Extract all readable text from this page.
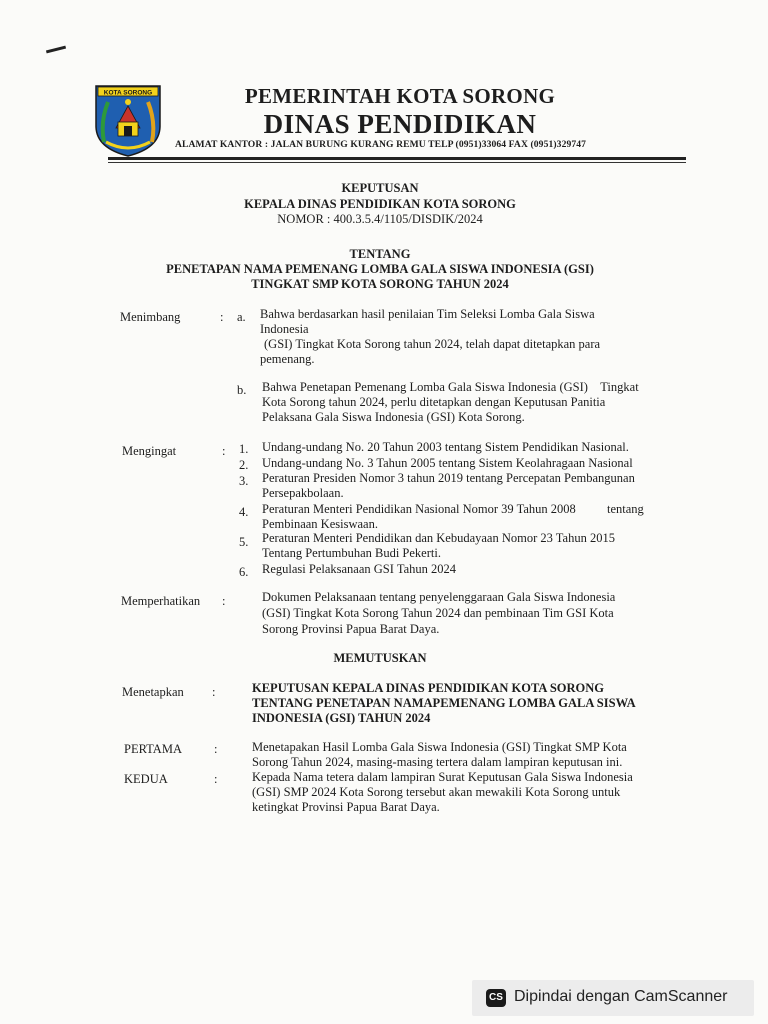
KOTA SORONG	PEMERINTAH KOTA SORONG
DINAS PENDIDIKAN
ALAMAT KANTOR : JALAN BURUNG KURANG REMU TELP (0951)33064 FAX (0951)329747
KEPUTUSAN
KEPALA DINAS PENDIDIKAN KOTA SORONG
NOMOR : 400.3.5.4/1105/DISDIK/2024
TENTANG
PENETAPAN NAMA PEMENANG LOMBA GALA SISWA INDONESIA (GSI)
TINGKAT SMP KOTA SORONG TAHUN 2024
Menimbang	: a. Bahwa berdasarkan hasil penilaian Tim Seleksi Lomba Gala Siswa
Indonesia
(GSI) Tingkat Kota Sorong tahun 2024, telah dapat ditetapkan para
pemenang.
b. Bahwa Penetapan Pemenang Lomba Gala Siswa Indonesia (GSI)    Tingkat
Kota Sorong tahun 2024, perlu ditetapkan dengan Keputusan Panitia
Pelaksana Gala Siswa Indonesia (GSI) Kota Sorong.
Mengingat	: 1. Undang-undang No. 20 Tahun 2003 tentang Sistem Pendidikan Nasional.
2. Undang-undang No. 3 Tahun 2005 tentang Sistem Keolahragaan Nasional
3. Peraturan Presiden Nomor 3 tahun 2019 tentang Percepatan Pembangunan
Persepakbolaan.
4. Peraturan Menteri Pendidikan Nasional Nomor 39 Tahun 2008          tentang
Pembinaan Kesiswaan.
5. Peraturan Menteri Pendidikan dan Kebudayaan Nomor 23 Tahun 2015
Tentang Pertumbuhan Budi Pekerti.
6. Regulasi Pelaksanaan GSI Tahun 2024
Memperhatikan :	Dokumen Pelaksanaan tentang penyelenggaraan Gala Siswa Indonesia
(GSI) Tingkat Kota Sorong Tahun 2024 dan pembinaan Tim GSI Kota
Sorong Provinsi Papua Barat Daya.
MEMUTUSKAN
Menetapkan :	KEPUTUSAN KEPALA DINAS PENDIDIKAN KOTA SORONG
TENTANG PENETAPAN NAMAPEMENANG LOMBA GALA SISWA
INDONESIA (GSI) TAHUN 2024
PERTAMA	:	Menetapakan Hasil Lomba Gala Siswa Indonesia (GSI) Tingkat SMP Kota
Sorong Tahun 2024, masing-masing tertera dalam lampiran keputusan ini.
KEDUA	:	Kepada Nama tetera dalam lampiran Surat Keputusan Gala Siswa Indonesia
(GSI) SMP 2024 Kota Sorong tersebut akan mewakili Kota Sorong untuk
ketingkat Provinsi Papua Barat Daya.
CS Dipindai dengan CamScanner
